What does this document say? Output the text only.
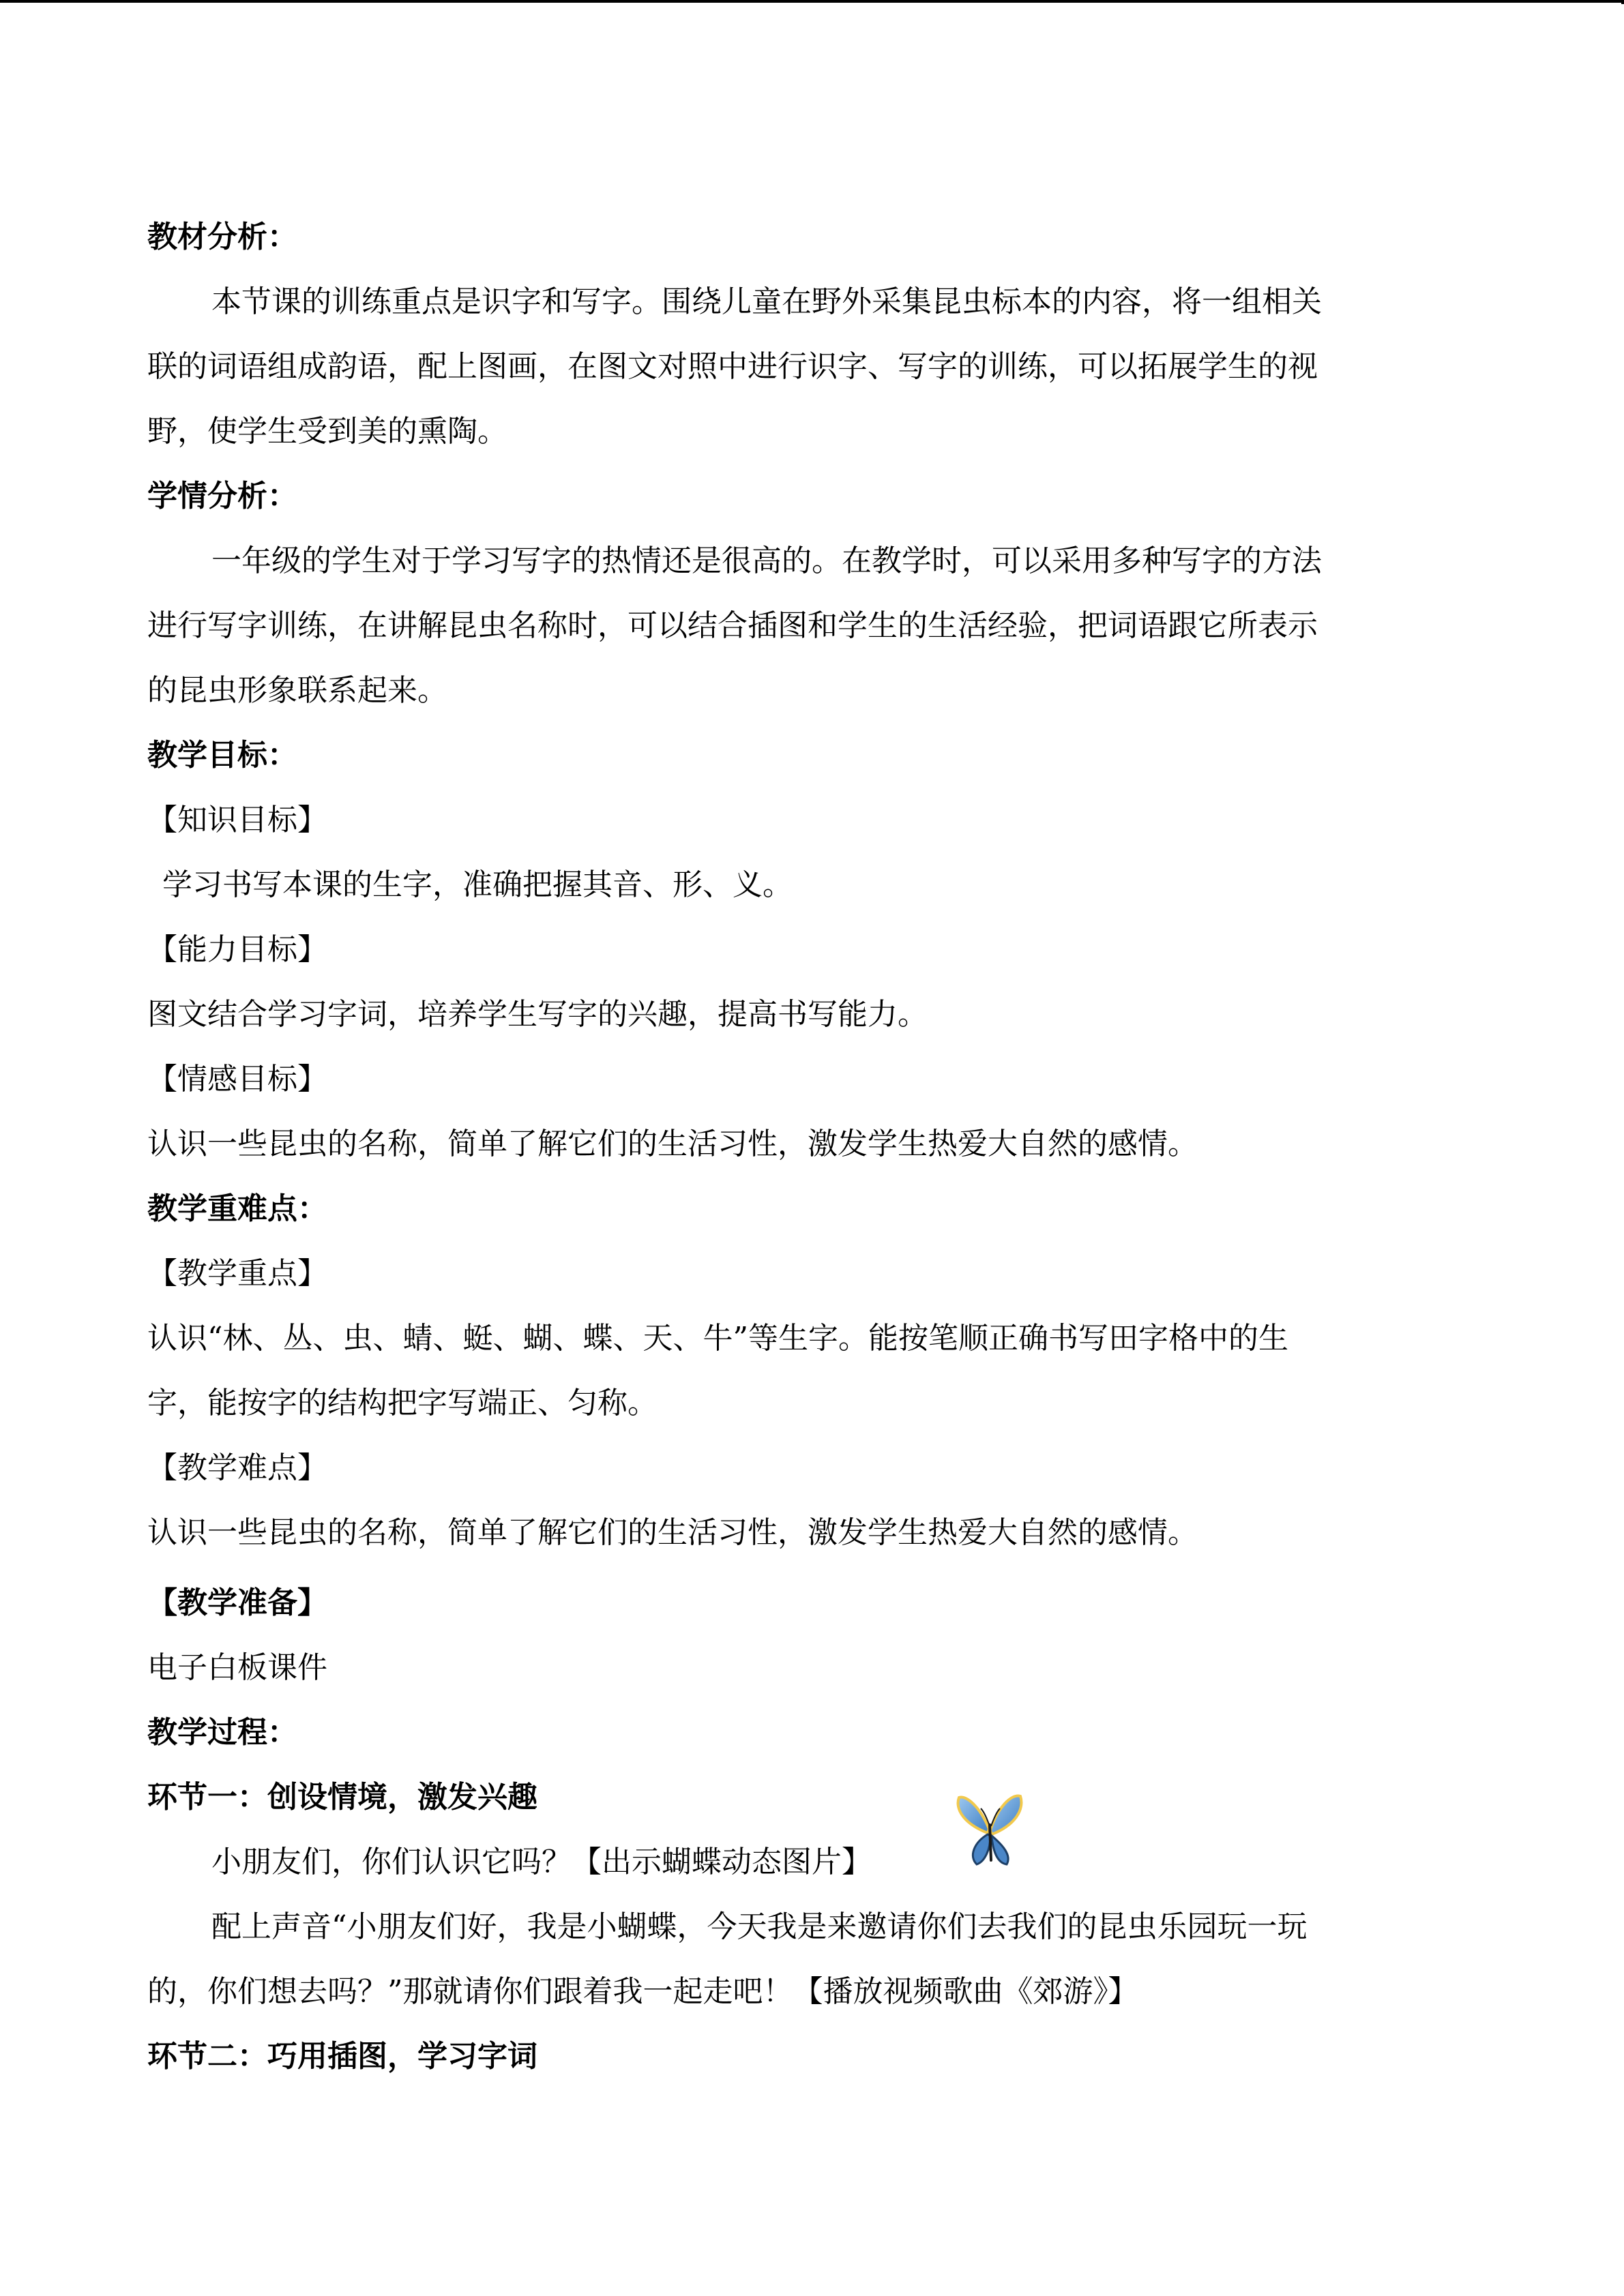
教材分析：

本节课的训练重点是识字和写字。围绕儿童在野外采集昆虫标本的内容，将一组相关

联的词语组成韵语，配上图画，在图文对照中进行识字、写字的训练，可以拓展学生的视

野，使学生受到美的熏陶。

学情分析：

一年级的学生对于学习写字的热情还是很高的。在教学时，可以采用多种写字的方法

进行写字训练，在讲解昆虫名称时，可以结合插图和学生的生活经验，把词语跟它所表示

的昆虫形象联系起来。

教学目标：

【知识目标】

学习书写本课的生字，准确把握其音、形、义。

【能力目标】

图文结合学习字词，培养学生写字的兴趣，提高书写能力。

【情感目标】

认识一些昆虫的名称，简单了解它们的生活习性，激发学生热爱大自然的感情。

教学重难点：

【教学重点】

认识“林、丛、虫、蜻、蜓、蝴、蝶、天、牛”等生字。能按笔顺正确书写田字格中的生

字，能按字的结构把字写端正、匀称。

【教学难点】

认识一些昆虫的名称，简单了解它们的生活习性，激发学生热爱大自然的感情。

【教学准备】

电子白板课件

教学过程：

环节一：创设情境，激发兴趣

小朋友们，你们认识它吗？【出示蝴蝶动态图片】

配上声音“小朋友们好，我是小蝴蝶，今天我是来邀请你们去我们的昆虫乐园玩一玩

的，你们想去吗？”那就请你们跟着我一起走吧！【播放视频歌曲《郊游》】

环节二：巧用插图，学习字词
